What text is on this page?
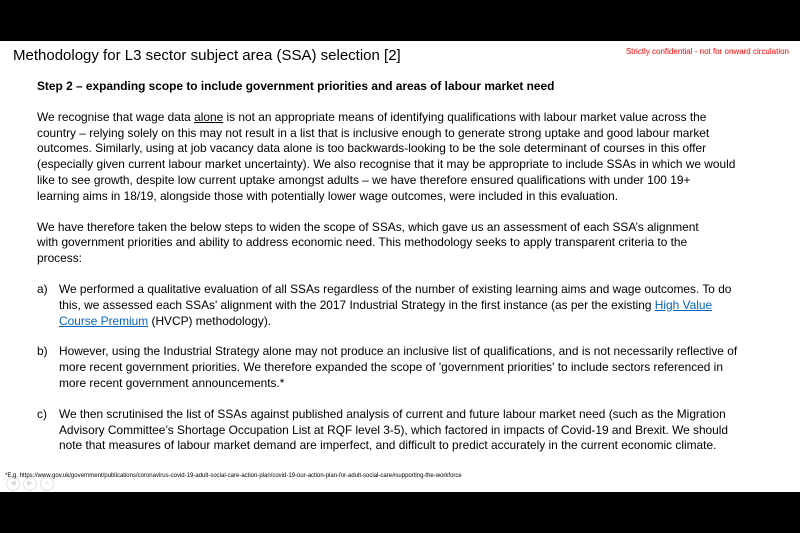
Methodology for L3 sector subject area (SSA) selection [2]	Strictly confidential - not for onward circulation

Step 2 – expanding scope to include government priorities and areas of labour market need

We recognise that wage data alone is not an appropriate means of identifying qualifications with labour market value across the
country – relying solely on this may not result in a list that is inclusive enough to generate strong uptake and good labour market
outcomes. Similarly, using at job vacancy data alone is too backwards-looking to be the sole determinant of courses in this offer
(especially given current labour market uncertainty). We also recognise that it may be appropriate to include SSAs in which we would
like to see growth, despite low current uptake amongst adults – we have therefore ensured qualifications with under 100 19+
learning aims in 18/19, alongside those with potentially lower wage outcomes, were included in this evaluation.

We have therefore taken the below steps to widen the scope of SSAs, which gave us an assessment of each SSA’s alignment
with government priorities and ability to address economic need. This methodology seeks to apply transparent criteria to the
process:

a) We performed a qualitative evaluation of all SSAs regardless of the number of existing learning aims and wage outcomes. To do
this, we assessed each SSAs' alignment with the 2017 Industrial Strategy in the first instance (as per the existing High Value
Course Premium (HVCP) methodology).
b) However, using the Industrial Strategy alone may not produce an inclusive list of qualifications, and is not necessarily reflective of
more recent government priorities. We therefore expanded the scope of 'government priorities' to include sectors referenced in
more recent government announcements.*
c) We then scrutinised the list of SSAs against published analysis of current and future labour market need (such as the Migration
Advisory Committee’s Shortage Occupation List at RQF level 3-5), which factored in impacts of Covid-19 and Brexit. We should
note that measures of labour market demand are imperfect, and difficult to predict accurately in the current economic climate.
*E.g. https://www.gov.uk/government/publications/coronavirus-covid-19-adult-social-care-action-plan/covid-19-our-action-plan-for-adult-social-care#supporting-the-workforce
◀	▶	≡
